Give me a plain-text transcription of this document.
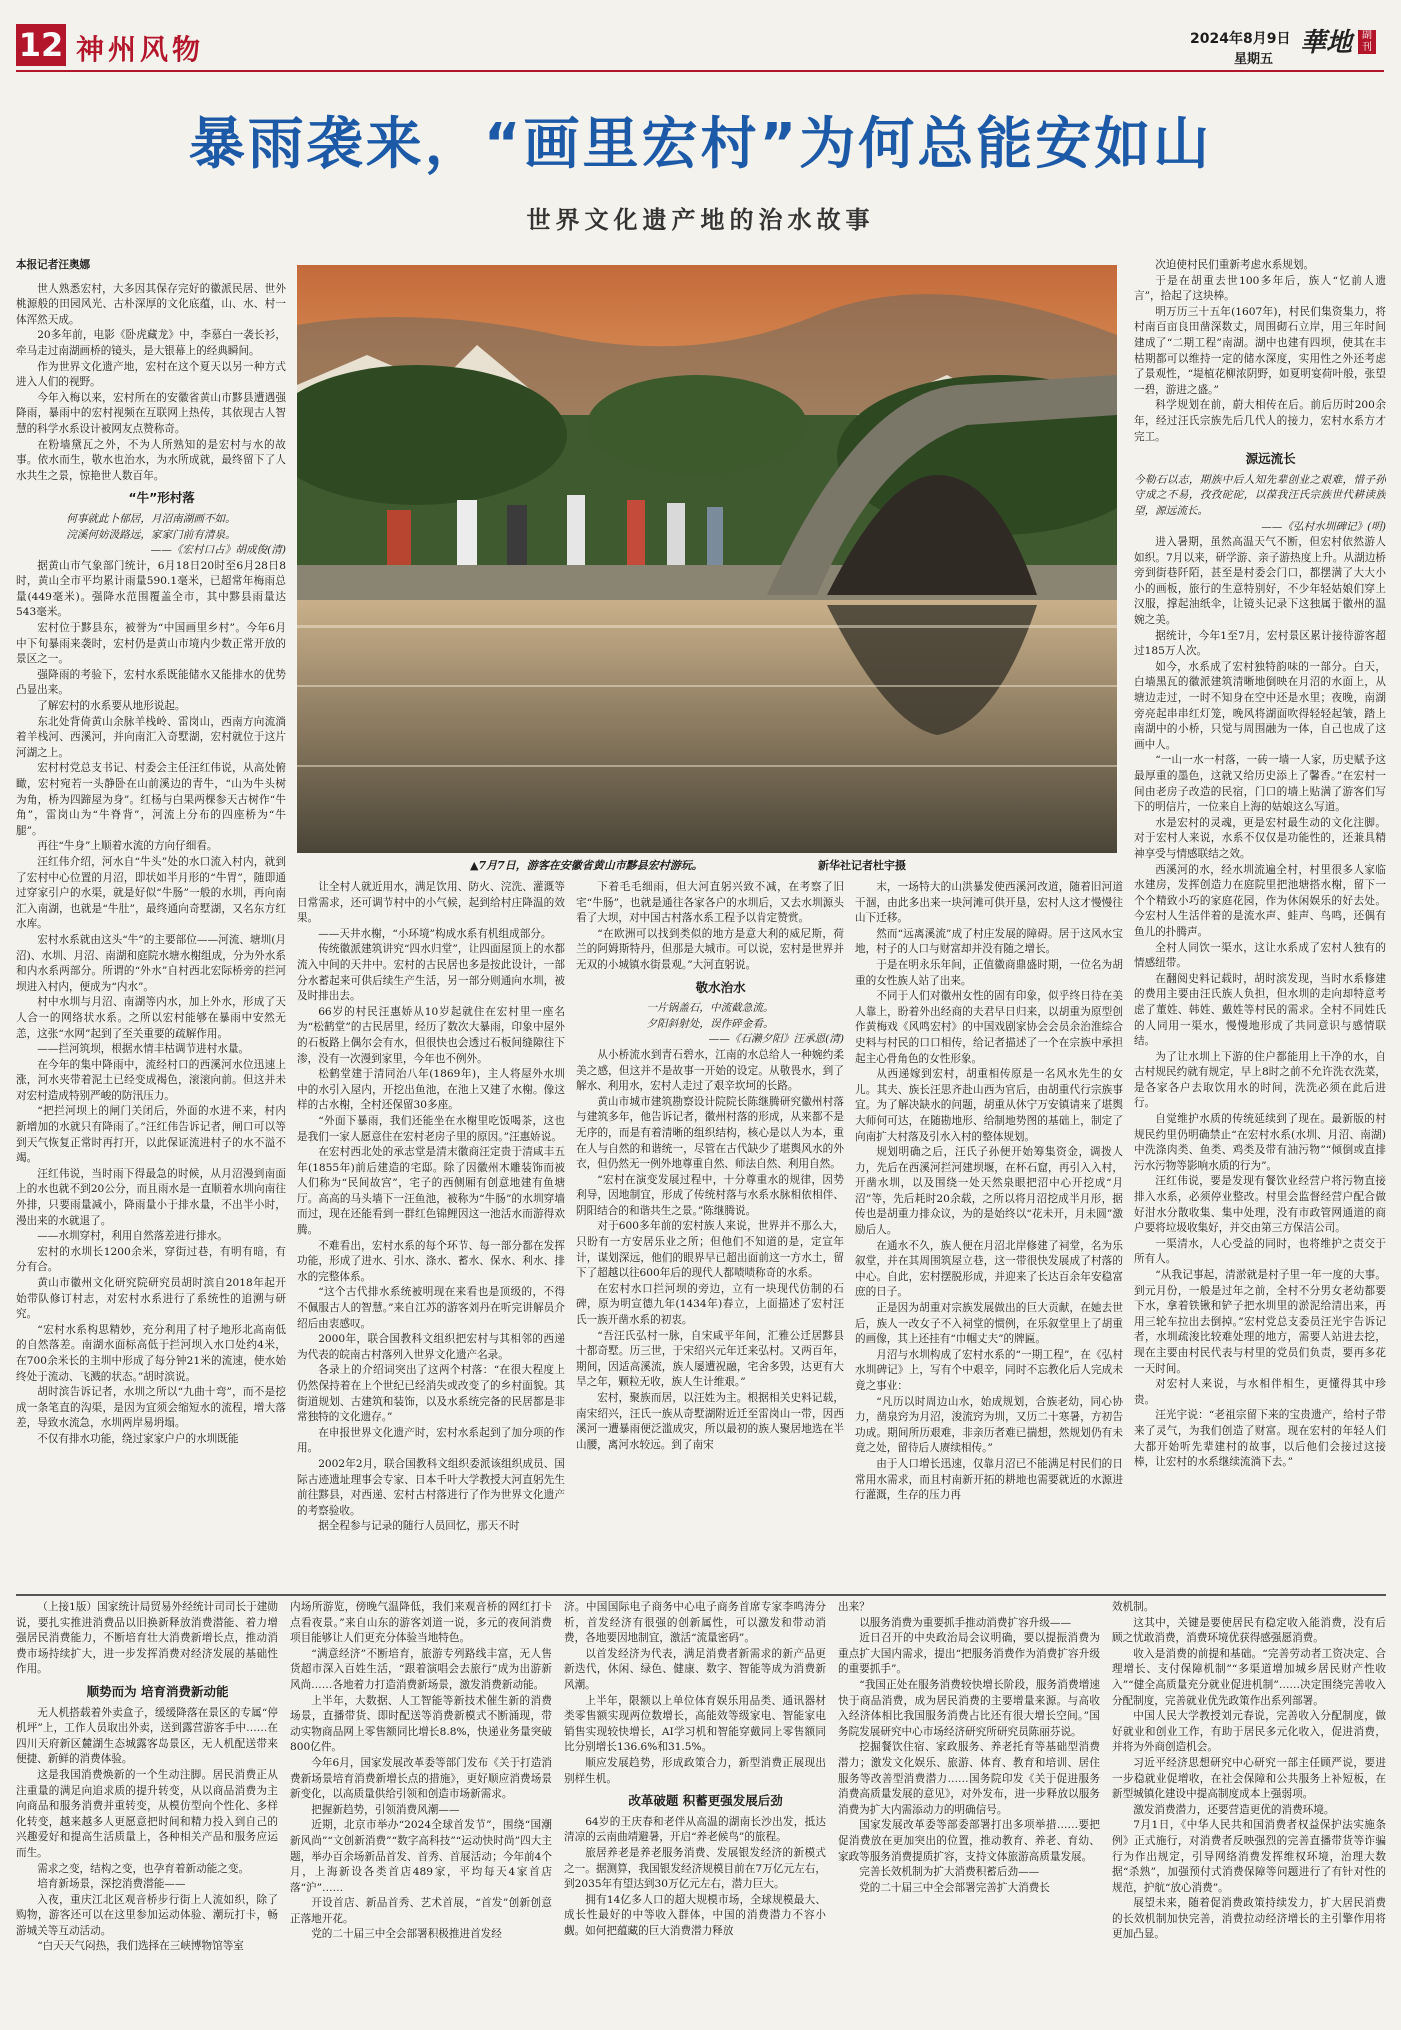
12 神州风物	2024年8月9日
星期五
華地 副刊
暴雨袭来，“画里宏村”为何总能安如山
世界文化遗产地的治水故事
▲7月7日，游客在安徽省黄山市黟县宏村游玩。	新华社记者杜宇摄
本报记者汪奥娜

世人熟悉宏村，大多因其保存完好的徽派民居、世外桃源般的田园风光、古朴深厚的文化底蕴，山、水、村一体浑然天成。

20多年前，电影《卧虎藏龙》中，李慕白一袭长衫，牵马走过南湖画桥的镜头，是大银幕上的经典瞬间。

作为世界文化遗产地，宏村在这个夏天以另一种方式进入人们的视野。

今年入梅以来，宏村所在的安徽省黄山市黟县遭遇强降雨，暴雨中的宏村视频在互联网上热传，其依现古人智慧的科学水系设计被网友点赞称奇。

在粉墙黛瓦之外，不为人所熟知的是宏村与水的故事。依水而生，敬水也治水，为水所成就，最终留下了人水共生之景，惊艳世人数百年。

“牛”形村落
何事就此卜郁居，月沼南湖画不如。
浣溪何妨汲路远，家家门前有清泉。
——《宏村口占》胡成俊(清)

据黄山市气象部门统计，6月18日20时至6月28日8时，黄山全市平均累计雨量590.1毫米，已超常年梅雨总量(449毫米)。强降水范围覆盖全市，其中黟县雨量达543毫米。

宏村位于黟县东，被誉为“中国画里乡村”。今年6月中下旬暴雨来袭时，宏村仍是黄山市境内少数正常开放的景区之一。

强降雨的考验下，宏村水系既能储水又能排水的优势凸显出来。

了解宏村的水系要从地形说起。

东北处背倚黄山余脉羊栈岭、雷岗山，西南方向流淌着羊栈河、西溪河，并向南汇入奇墅湖，宏村就位于这片河湖之上。

宏村村党总支书记、村委会主任汪红伟说，从高处俯瞰，宏村宛若一头静卧在山前溪边的青牛，“山为牛头树为角，桥为四蹄屋为身”。红杨与白果两棵参天古树作“牛角”，雷岗山为“牛脊背”，河流上分布的四座桥为“牛腿”。

再往“牛身”上顺着水流的方向仔细看。

汪红伟介绍，河水自“牛头”处的水口流入村内，就到了宏村中心位置的月沼，即状如半月形的“牛胃”，随即通过穿家引户的水渠，就是好似“牛肠”一般的水圳，再向南汇入南湖，也就是“牛肚”，最终通向奇墅湖，又名东方红水库。

宏村水系就由这头“牛”的主要部位——河流、塘圳(月沼)、水圳、月沼、南湖和庭院水塘水榭组成，分为外水系和内水系两部分。所谓的“外水”自村西北宏际桥旁的拦河坝进入村内，便成为“内水”。

村中水圳与月沼、南湖等内水，加上外水，形成了天人合一的网络状水系。之所以宏村能够在暴雨中安然无恙，这张“水网”起到了至关重要的疏解作用。

——拦河筑坝，根据水情丰枯调节进村水量。

在今年的集中降雨中，流经村口的西溪河水位迅速上涨，河水夹带着泥土已经变成褐色，滚滚向前。但这并未对宏村造成特别严峻的防汛压力。

“把拦河坝上的闸门关闭后，外面的水进不来，村内新增加的水就只有降雨了。”汪红伟告诉记者，闸口可以等到天气恢复正常时再打开，以此保证流进村子的水不溢不竭。

汪红伟说，当时雨下得最急的时候，从月沼漫到南面上的水也就不到20公分，而且雨水是一直顺着水圳向南往外排，只要雨量减小，降雨量小于排水量，不出半小时，漫出来的水就退了。

——水圳穿村，利用自然落差进行排水。

宏村的水圳长1200余米，穿街过巷，有明有暗，有分有合。

黄山市徽州文化研究院研究员胡时滨自2018年起开始带队修订村志，对宏村水系进行了系统性的追溯与研究。

“宏村水系构思精妙，充分利用了村子地形北高南低的自然落差。南湖水面标高低于拦河坝入水口处约4米，在700余米长的主圳中形成了每分钟21米的流速，使水始终处于流动、飞溅的状态。”胡时滨说。

胡时滨告诉记者，水圳之所以“九曲十弯”，而不是挖成一条笔直的沟渠，是因为宜须会缩短水的流程，增大落差，导致水流急，水圳两岸易坍塌。

不仅有排水功能，绕过家家户户的水圳既能

让全村人就近用水，满足饮用、防火、浣洗、灌溉等日常需求，还可调节村中的小气候，起到给村庄降温的效果。

——天井水榭，“小环境”构成水系有机组成部分。

传统徽派建筑讲究“四水归堂”，让四面屋顶上的水都流入中间的天井中。宏村的古民居也多是按此设计，一部分水蓄起来可供后续生产生活，另一部分则通向水圳，被及时排出去。

66岁的村民汪惠娇从10岁起就住在宏村里一座名为“松鹤堂”的古民居里，经历了数次大暴雨，印象中屋外的石板路上偶尔会有水，但很快也会透过石板间缝隙往下渗，没有一次漫到家里，今年也不例外。

松鹤堂建于清同治八年(1869年)，主人将屋外水圳中的水引入屋内，开挖出鱼池，在池上又建了水榭。像这样的古水榭，全村还保留30多座。

“外面下暴雨，我们还能坐在水榭里吃饭喝茶，这也是我们一家人愿意住在宏村老房子里的原因。”汪惠娇说。

在宏村西北处的承志堂是清末徽商汪定贵于清咸丰五年(1855年)前后建造的宅邸。除了因徽州木雕装饰而被人们称为“民间故宫”，宅子的西侧厢有创意地建有鱼塘厅。高高的马头墙下一汪鱼池，被称为“牛肠”的水圳穿墙而过，现在还能看到一群红色锦鲤因这一池活水而游得欢腾。

不难看出，宏村水系的每个环节、每一部分都在发挥功能，形成了进水、引水、涤水、蓄水、保水、利水、排水的完整体系。

“这个古代排水系统被明现在来看也是顶级的，不得不佩服古人的智慧。”来自江苏的游客刘丹在听完讲解员介绍后由衷感叹。

2000年，联合国教科文组织把宏村与其相邻的西递为代表的皖南古村落列入世界文化遗产名录。

各录上的介绍词突出了这两个村落：“在很大程度上仍然保持着在上个世纪已经消失或改变了的乡村面貌。其街道规划、古建筑和装饰，以及水系统完备的民居都是非常独特的文化遗存。”

在申报世界文化遗产时，宏村水系起到了加分项的作用。

2002年2月，联合国教科文组织委派该组织成员、国际古迹遗址理事会专家、日本千叶大学教授大河直躬先生前往黟县，对西递、宏村古村落进行了作为世界文化遗产的考察验收。

据全程参与记录的随行人员回忆，那天不时

下着毛毛细雨，但大河直躬兴致不减，在考察了旧宅“牛肠”，也就是通往各家各户的水圳后，又去水圳源头看了大坝，对中国古村落水系工程予以肯定赞赏。

“在欧洲可以找到类似的地方是意大利的威尼斯，荷兰的阿姆斯特丹，但那是大城市。可以说，宏村是世界并无双的小城镇水街景观。”大河直躬说。

敬水治水
一片锅盖石，中流截急流。
夕阳斜射处，误作碎金看。
——《石濑夕阳》汪承恩(清)

从小桥流水到青石碧水，江南的水总给人一种婉约柔美之感，但这并不是故事一开始的设定。从敬畏水，到了解水、利用水，宏村人走过了艰辛坎坷的长路。

黄山市城市建筑勘察设计院院长陈继腾研究徽州村落与建筑多年，他告诉记者，徽州村落的形成，从来都不是无序的，而是有着清晰的组织结构，核心是以人为本，重在人与自然的和谐统一，尽管在古代缺少了堪舆风水的外衣，但仍然无一例外地尊重自然、师法自然、利用自然。

“宏村在演变发展过程中，十分尊重水的规律，因势利导，因地制宜，形成了传统村落与水系水脉相依相伴、阴阳结合的和谐共生之景。”陈继腾说。

对于600多年前的宏村族人来说，世界并不那么大，只盼有一方安居乐业之所；但他们不知道的是，定宣年计，谋划深远，他们的眼界早已超出面前这一方水土，留下了超越以往600年后的现代人都啧啧称奇的水系。

在宏村水口拦河坝的旁边，立有一块现代仿制的石碑，原为明宣德九年(1434年)春立，上面描述了宏村汪氏一族开凿水系的初衷。

“吾汪氏弘村一脉，自宋咸平年间，汇雅公迁居黟县十都奇墅。历三世，于宋绍兴元年迁来弘村。又两百年，期间，因适高溪流，族人屡遭祝融，宅舍多毁，达更有大旱之年，颗粒无收，族人生计维艰。”

宏村，聚族而居，以汪姓为主。根据相关史料记载，南宋绍兴，汪氏一族从奇墅湖附近迁至雷岗山一带，因西溪河一遭暴雨便泛滥成灾，所以最初的族人聚居地选在半山腰，离河水较远。到了南宋

末，一场特大的山洪暴发使西溪河改道，随着旧河道干涸，由此多出来一块河滩可供开垦，宏村人这才慢慢往山下迁移。

然而“远离溪流”成了村庄发展的障碍。居于这风水宝地，村子的人口与财富却并没有随之增长。

于是在明永乐年间，正值徽商鼎盛时期，一位名为胡重的女性族人站了出来。

不同于人们对徽州女性的固有印象，似乎终日待在美人靠上，盼着外出经商的夫君早日归来，以胡重为原型创作黄梅戏《风鸣宏村》的中国戏剧家协会会员余治淮综合史料与村民的口口相传，给记者描述了一个在宗族中承担起主心骨角色的女性形象。

从西递嫁到宏村，胡重相传原是一名风水先生的女儿。其夫、族长汪思齐赴山西为官后，由胡重代行宗族事宜。为了解决缺水的问题，胡重从休宁万安镇请来了堪舆大师何可达，在随勘地形、给制地势图的基础上，制定了向南扩大村落及引水入村的整体规划。

规划明确之后，汪氏子孙便开始筹集资金，调拨人力，先后在西溪河拦河建坝堰，在杯石窟，再引入入村，开凿水圳，以及围绕一处天然泉眼把沼中心开挖成“月沼”等，先后耗时20余载，之所以将月沼挖成半月形，据传也是胡重力排众议，为的是始终以“花未开，月未圆”激励后人。

在通水不久，族人便在月沼北岸修建了祠堂，名为乐叙堂，并在其周围筑屋立巷，这一带很快发展成了村落的中心。自此，宏村摆脱形成，并迎来了长达百余年安稳富庶的日子。

正是因为胡重对宗族发展做出的巨大贡献，在她去世后，族人一改女子不入祠堂的惯例，在乐叙堂里上了胡重的画像，其上还挂有“巾帼丈夫”的牌匾。

月沼与水圳构成了宏村水系的“一期工程”，在《弘村水圳碑记》上，写有个中艰辛，同时不忘教化后人完成未竟之事业：

“凡历以时周边山水，始成规划，合族老幼，同心协力，凿泉窍为月沼，浚流窍为圳，又历二十寒暑，方初告功成。期间所历艰难，非亲历者难已揣想，然规划仍有未竟之处，留待后人赓续相传。”

由于人口增长迅速，仅靠月沼已不能满足村民们的日常用水需求，而且村南新开拓的耕地也需要就近的水源进行灌溉，生存的压力再

次迫使村民们重新考虑水系规划。

于是在胡重去世100多年后，族人“忆前人遗言”，拾起了这块棒。

明万历三十五年(1607年)，村民们集资集力，将村南百亩良田凿深数丈，周围砌石立岸，用三年时间建成了“二期工程”南湖。湖中也建有四坝，使其在丰枯期都可以维持一定的储水深度，实用性之外还考虑了景观性，“堤植花柳浓阴野，如夏明宴荷叶般，张望一碧，游进之盛。”

科学规划在前，蔚大相传在后。前后历时200余年，经过汪氏宗族先后几代人的接力，宏村水系方才完工。

源远流长
今勒石以志，期族中后人知先辈创业之艰难，惜子孙守成之不易，孜孜砣砣，以葆我汪氏宗族世代耕读族望，源远流长。
——《弘村水圳碑记》(明)

进入暑期，虽然高温天气不断，但宏村依然游人如织。7月以来，研学游、亲子游热度上升。从湖边桥旁到街巷阡陌，甚至是村委会门口，都摆满了大大小小的画板，旅行的生意特别好，不少年轻姑娘们穿上汉服，撑起油纸伞，让镜头记录下这独属于徽州的温婉之美。

据统计，今年1至7月，宏村景区累计接待游客超过185万人次。

如今，水系成了宏村独特韵味的一部分。白天，白墙黑瓦的徽派建筑清晰地倒映在月沼的水面上，从塘边走过，一时不知身在空中还是水里；夜晚，南湖旁亮起串串红灯笼，晚风将湖面吹得轻轻起皱，踏上南湖中的小桥，只觉与周围融为一体，自己也成了这画中人。

“一山一水一村落，一砖一墙一人家，历史赋予这最厚重的墨色，这就又给历史添上了馨香。”在宏村一间由老房子改造的民宿，门口的墙上贴满了游客们写下的明信片，一位来自上海的姑娘这么写道。

水是宏村的灵魂，更是宏村最生动的文化注脚。对于宏村人来说，水系不仅仅是功能性的，还兼具精神享受与情感联结之效。

西溪河的水，经水圳流遍全村，村里很多人家临水建房，发挥创造力在庭院里把池塘搭水榭，留下一个个精致小巧的家庭花园，作为休闲娱乐的好去处。今宏村人生活伴着的是流水声、蛙声、鸟鸣，还偶有鱼儿的扑腾声。

全村人同饮一渠水，这让水系成了宏村人独有的情感纽带。

在翻阅史料记载时，胡时滨发现，当时水系修建的费用主要由汪氏族人负担，但水圳的走向却特意考虑了董姓、韩姓、戴姓等村民的需求。全村不同姓氏的人同用一渠水，慢慢地形成了共同意识与感情联结。

为了让水圳上下游的住户都能用上干净的水，自古村规民约就有规定，早上8时之前不允许洗衣洗菜，是各家各户去取饮用水的时间，洗洗必须在此后进行。

自觉维护水质的传统延续到了现在。最新版的村规民约里仍明确禁止“在宏村水系(水圳、月沼、南湖)中洗涤肉类、鱼类、鸡类及带有油污物”“倾倒或直排污水污物等影响水质的行为”。

汪红伟说，要是发现有餐饮业经营户将污物直接排入水系，必须停业整改。村里会监督经营户配合做好泔水分散收集、集中处理，没有市政管网通道的商户要将垃圾收集好，并交由第三方保洁公司。

一渠清水，人心受益的同时，也将维护之责交于所有人。

“从我记事起，清淤就是村子里一年一度的大事。到元月份，一般是过年之前，全村不分男女老幼都要下水，拿着铁锹和铲子把水圳里的淤泥给清出来，再用三轮车拉出去倒掉。”宏村党总支委员汪光宇告诉记者，水圳疏浚比较难处理的地方，需要人站进去挖，现在主要由村民代表与村里的党员们负责，要再多花一天时间。

对宏村人来说，与水相伴相生，更懂得其中珍贵。

汪光宇说：“老祖宗留下来的宝贵遗产，给村子带来了灵气，为我们创造了财富。现在宏村的年轻人们大都开始听先辈建村的故事，以后他们会接过这接棒，让宏村的水系继续流淌下去。”

（上接1版）国家统计局贸易外经统计司司长于建勋说，要扎实推进消费品以旧换新释放消费潜能、着力增强居民消费能力，不断培育壮大消费新增长点，推动消费市场持续扩大，进一步发挥消费对经济发展的基础性作用。

顺势而为 培育消费新动能

无人机搭载着外卖盒子，缓缓降落在景区的专属“停机坪”上，工作人员取出外卖，送到露营游客手中……在四川天府新区麓湖生态城露客岛景区，无人机配送带来便捷、新鲜的消费体验。

这是我国消费焕新的一个生动注脚。居民消费正从注重量的满足向追求质的提升转变，从以商品消费为主向商品和服务消费并重转变，从模仿型向个性化、多样化转变，越来越多人更愿意把时间和精力投入到自己的兴趣爱好和提高生活质量上，各种相关产品和服务应运而生。

需求之变，结构之变，也孕育着新动能之变。

培育新场景，深挖消费潜能——

入夜，重庆江北区观音桥步行街上人流如织，除了购物，游客还可以在这里参加运动体验、潮玩打卡，畅游城关等互动活动。

“白天天气闷热，我们选择在三峡博物馆等室

内场所游览，傍晚气温降低，我们来观音桥的网红打卡点看夜景。”来自山东的游客刘道一说，多元的夜间消费项目能够让人们更充分体验当地特色。

“满意经济”不断培育，旅游专列路线丰富，无人售货超市深入百姓生活，“跟着演唱会去旅行”成为出游新风尚……各地着力打造消费新场景，激发消费新动能。

上半年，大数据、人工智能等新技术催生新的消费场景，直播带货、即时配送等消费新模式不断涌现，带动实物商品网上零售额同比增长8.8%，快递业务量突破800亿件。

今年6月，国家发展改革委等部门发布《关于打造消费新场景培育消费新增长点的措施》，更好顺应消费场景新变化，以高质量供给引领和创造市场新需求。

把握新趋势，引领消费风潮——

近期，北京市举办“2024全球首发节”，围绕“国潮新风尚”“文创新消费”“数字高科技”“运动快时尚”四大主题，举办百余场新品首发、首秀、首展活动；今年前4个月，上海新设各类首店489家，平均每天4家首店落“沪”……

开设首店、新品首秀、艺术首展，“首发”创新创意正落地开花。

党的二十届三中全会部署积极推进首发经

济。中国国际电子商务中心电子商务首席专家李鸣涛分析，首发经济有很强的创新属性，可以激发和带动消费，各地要因地制宜，激活“流量密码”。

以首发经济为代表，满足消费者新需求的新产品更新迭代，休闲、绿色、健康、数字、智能等成为消费新风潮。

上半年，限额以上单位体育娱乐用品类、通讯器材类零售额实现两位数增长，高能效等级家电、智能家电销售实现较快增长，AI学习机和智能穿戴同上零售额同比分别增长136.6%和31.5%。

顺应发展趋势，形成政策合力，新型消费正展现出别样生机。

改革破题 积蓄更强发展后劲

64岁的王庆春和老伴从高温的湖南长沙出发，抵达清凉的云南曲靖避暑，开启“养老候鸟”的旅程。

旅居养老是养老服务消费、发展银发经济的新模式之一。据测算，我国银发经济规模目前在7万亿元左右，到2035年有望达到30万亿元左右，潜力巨大。

拥有14亿多人口的超大规模市场，全球规模最大、成长性最好的中等收入群体，中国的消费潜力不容小觑。如何把蕴藏的巨大消费潜力释放

出来？

以服务消费为重要抓手推动消费扩容升级——

近日召开的中央政治局会议明确，要以提振消费为重点扩大国内需求，提出“把服务消费作为消费扩容升级的重要抓手”。

“我国正处在服务消费较快增长阶段，服务消费增速快于商品消费，成为居民消费的主要增量来源。与高收入经济体相比我国服务消费占比还有很大增长空间。”国务院发展研究中心市场经济研究所研究员陈丽芬说。

挖掘餐饮住宿、家政服务、养老托育等基础型消费潜力；激发文化娱乐、旅游、体育、教育和培训、居住服务等改善型消费潜力……国务院印发《关于促进服务消费高质量发展的意见》，对外发布，进一步释放以服务消费为扩大内需添动力的明确信号。

国家发展改革委等部委部署打出多项举措……要把促消费放在更加突出的位置，推动教育、养老、育幼、家政等服务消费提质扩容，支持文体旅游高质量发展。

完善长效机制为扩大消费积蓄后劲——

党的二十届三中全会部署完善扩大消费长

效机制。

这其中，关键是要使居民有稳定收入能消费，没有后顾之忧敢消费，消费环境优获得感强愿消费。

收入是消费的前提和基础。“完善劳动者工资决定、合理增长、支付保障机制”“多渠道增加城乡居民财产性收入”“健全高质量充分就业促进机制”……决定围绕完善收入分配制度，完善就业优先政策作出系列部署。

中国人民大学教授刘元春说，完善收入分配制度，做好就业和创业工作，有助于居民多元化收入，促进消费，并将为外商创造机会。

习近平经济思想研究中心研究一部主任顾严说，要进一步稳就业促增收，在社会保障和公共服务上补短板，在新型城镇化建设中提高制度成本上强弱项。

激发消费潜力，还要营造更优的消费环境。

7月1日，《中华人民共和国消费者权益保护法实施条例》正式施行，对消费者反映强烈的完善直播带货等诈骗行为作出规定，引导网络消费发挥维权环境，治理大数据“杀熟”，加强预付式消费保障等问题进行了有针对性的规范，护航“放心消费”。

展望未来，随着促消费政策持续发力，扩大居民消费的长效机制加快完善，消费拉动经济增长的主引擎作用将更加凸显。
